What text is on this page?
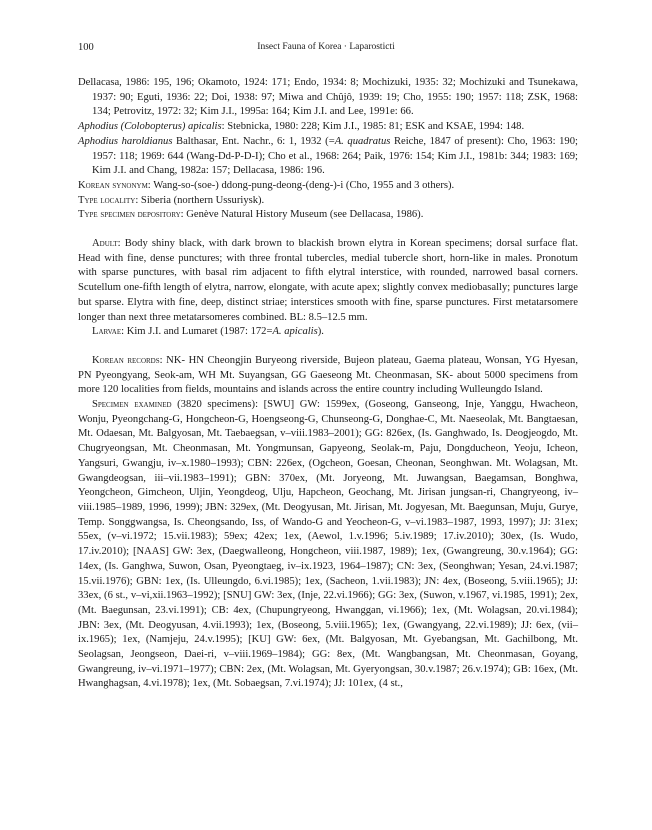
100	Insect Fauna of Korea · Laparosticti

Dellacasa, 1986: 195, 196; Okamoto, 1924: 171; Endo, 1934: 8; Mochizuki, 1935: 32; Mochizuki and Tsunekawa, 1937: 90; Eguti, 1936: 22; Doi, 1938: 97; Miwa and Chûjô, 1939: 19; Cho, 1955: 190; 1957: 118; ZSK, 1968: 134; Petrovitz, 1972: 32; Kim J.I., 1995a: 164; Kim J.I. and Lee, 1991e: 66.

Aphodius (Colobopterus) apicalis: Stebnicka, 1980: 228; Kim J.I., 1985: 81; ESK and KSAE, 1994: 148.

Aphodius haroldianus Balthasar, Ent. Nachr., 6: 1, 1932 (=A. quadratus Reiche, 1847 of present): Cho, 1963: 190; 1957: 118; 1969: 644 (Wang-Dd-P-D-I); Cho et al., 1968: 264; Paik, 1976: 154; Kim J.I., 1981b: 344; 1983: 169; Kim J.I. and Chang, 1982a: 157; Dellacasa, 1986: 196.

Korean synonym: Wang-so-(soe-) ddong-pung-deong-(deng-)-i (Cho, 1955 and 3 others).

Type locality: Siberia (northern Ussuriysk).

Type specimen depository: Genève Natural History Museum (see Dellacasa, 1986).

Adult: Body shiny black, with dark brown to blackish brown elytra in Korean specimens; dorsal surface flat. Head with fine, dense punctures; with three frontal tubercles, medial tubercle short, horn-like in males. Pronotum with sparse punctures, with basal rim adjacent to fifth elytral interstice, with rounded, narrowed basal corners. Scutellum one-fifth length of elytra, narrow, elongate, with acute apex; slightly convex mediobasally; punctures large but sparse. Elytra with fine, deep, distinct striae; interstices smooth with fine, sparse punctures. First metatarsomere longer than next three metatarsomeres combined. BL: 8.5–12.5 mm.

Larvae: Kim J.I. and Lumaret (1987: 172=A. apicalis).

Korean records: NK- HN Cheongjin Buryeong riverside, Bujeon plateau, Gaema plateau, Wonsan, YG Hyesan, PN Pyeongyang, Seok-am, WH Mt. Suyangsan, GG Gaeseong Mt. Cheonmasan, SK- about 5000 specimens from more 120 localities from fields, mountains and islands across the entire country including Wulleungdo Island.

Specimen examined (3820 specimens): [SWU] GW: 1599ex, (Goseong, Ganseong, Inje, Yanggu, Hwacheon, Wonju, Pyeongchang-G, Hongcheon-G, Hoengseong-G, Chunseong-G, Donghae-C, Mt. Naeseolak, Mt. Bangtaesan, Mt. Odaesan, Mt. Balgyosan, Mt. Taebaegsan, v–viii.1983–2001); GG: 826ex, (Is. Ganghwado, Is. Deogjeogdo, Mt. Chugryeongsan, Mt. Cheonmasan, Mt. Yongmunsan, Gapyeong, Seolak-m, Paju, Dongducheon, Yeoju, Icheon, Yangsuri, Gwangju, iv–x.1980–1993); CBN: 226ex, (Ogcheon, Goesan, Cheonan, Seonghwan. Mt. Wolagsan, Mt. Gwangdeogsan, iii–vii.1983–1991); GBN: 370ex, (Mt. Joryeong, Mt. Juwangsan, Baegamsan, Bonghwa, Yeongcheon, Gimcheon, Uljin, Yeongdeog, Ulju, Hapcheon, Geochang, Mt. Jirisan jungsan-ri, Changryeong, iv–viii.1985–1989, 1996, 1999); JBN: 329ex, (Mt. Deogyusan, Mt. Jirisan, Mt. Jogyesan, Mt. Baegunsan, Muju, Gurye, Temp. Songgwangsa, Is. Cheongsando, Iss, of Wando-G and Yeocheon-G, v–vi.1983–1987, 1993, 1997); JJ: 31ex; 55ex, (v–vi.1972; 15.vii.1983); 59ex; 42ex; 1ex, (Aewol, 1.v.1996; 5.iv.1989; 17.iv.2010); 30ex, (Is. Wudo, 17.iv.2010); [NAAS] GW: 3ex, (Daegwalleong, Hongcheon, viii.1987, 1989); 1ex, (Gwangreung, 30.v.1964); GG: 14ex, (Is. Ganghwa, Suwon, Osan, Pyeongtaeg, iv–ix.1923, 1964–1987); CN: 3ex, (Seonghwan; Yesan, 24.vi.1987; 15.vii.1976); GBN: 1ex, (Is. Ulleungdo, 6.vi.1985); 1ex, (Sacheon, 1.vii.1983); JN: 4ex, (Boseong, 5.viii.1965); JJ: 33ex, (6 st., v–vi,xii.1963–1992); [SNU] GW: 3ex, (Inje, 22.vi.1966); GG: 3ex, (Suwon, v.1967, vi.1985, 1991); 2ex, (Mt. Baegunsan, 23.vi.1991); CB: 4ex, (Chupungryeong, Hwanggan, vi.1966); 1ex, (Mt. Wolagsan, 20.vi.1984); JBN: 3ex, (Mt. Deogyusan, 4.vii.1993); 1ex, (Boseong, 5.viii.1965); 1ex, (Gwangyang, 22.vi.1989); JJ: 6ex, (vii–ix.1965); 1ex, (Namjeju, 24.v.1995); [KU] GW: 6ex, (Mt. Balgyosan, Mt. Gyebangsan, Mt. Gachilbong, Mt. Seolagsan, Jeongseon, Daei-ri, v–viii.1969–1984); GG: 8ex, (Mt. Wangbangsan, Mt. Cheonmasan, Goyang, Gwangreung, iv–vi.1971–1977); CBN: 2ex, (Mt. Wolagsan, Mt. Gyeryongsan, 30.v.1987; 26.v.1974); GB: 16ex, (Mt. Hwanghagsan, 4.vi.1978); 1ex, (Mt. Sobaegsan, 7.vi.1974); JJ: 101ex, (4 st.,
